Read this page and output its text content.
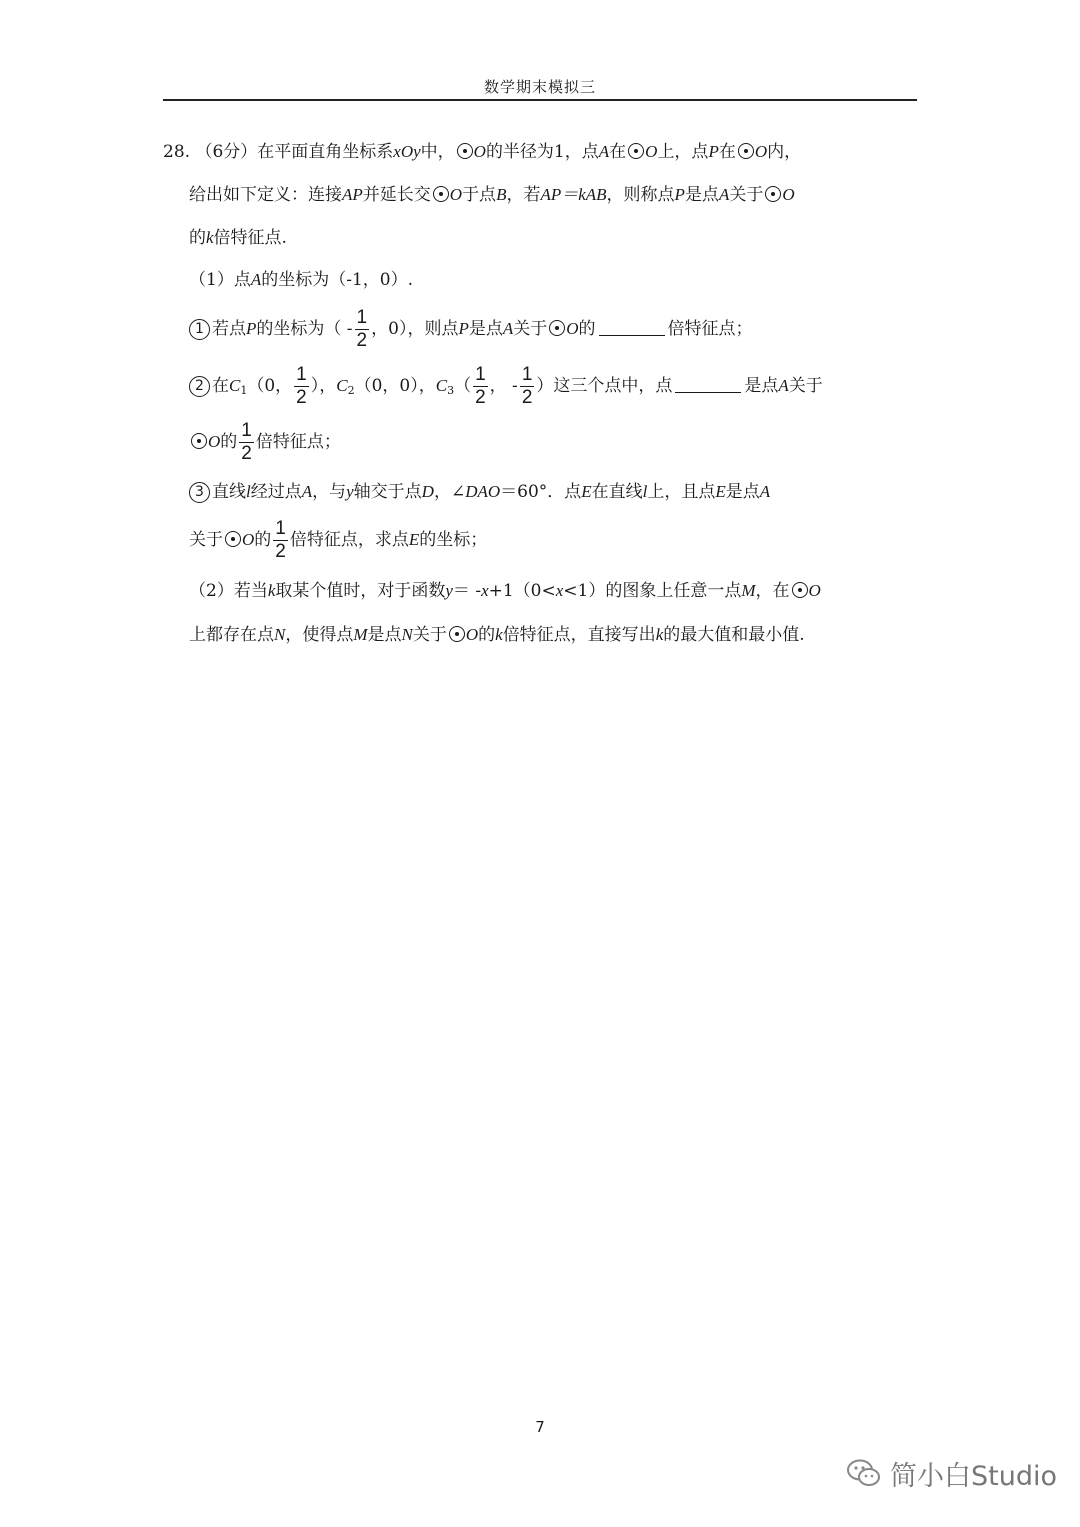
数学期末模拟三
28. （6分）在平面直角坐标系xOy中， O的半径为1，点A在 O上，点P在 O内，
给出如下定义：连接AP并延长交 O于点B，若AP＝kAB，则称点P是点A关于 O
的k倍特征点.
（1）点A的坐标为（-1，0）.
1 若点P的坐标为（ - $\frac{1}{2}$ ，0），则点P是点A关于 O的	倍特征点；
2 在$C_1(0$， $\frac{1}{2}$ ），$C_2(0$，0），$C_3( \frac{1}{2}$ ， - $\frac{1}{2}$ ）这三个点中，点	是点A关于
O的 $\frac{1}{2}$ 倍特征点；
3 直线l经过点A，与y轴交于点D，∠DAO＝60°．点E在直线l上，且点E是点A
关于 O的 $\frac{1}{2}$ 倍特征点，求点E的坐标；
（2）若当k取某个值时，对于函数y＝ -x+1（0<x<1）的图象上任意一点M，在 O
上都存在点N，使得点M是点N关于 O的k倍特征点，直接写出k的最大值和最小值.
7
简小白Studio
